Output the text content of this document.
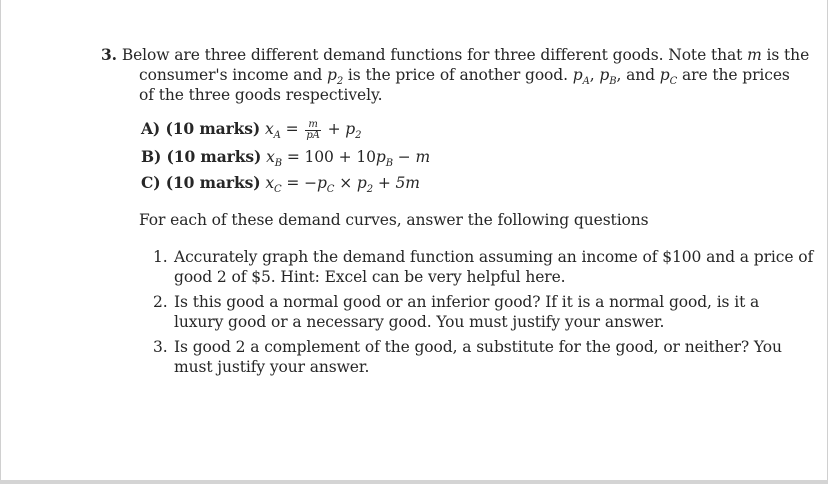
3. Below are three different demand functions for three different goods. Note that m is the
consumer's income and $p_2$ is the price of another good. $p_A$, $p_B$, and $p_C$ are the prices
of the three goods respectively.
A) (10 marks) $x_A = \frac{m}{pA} + p_2$
B) (10 marks) $x_B = 100 + 10p_B - m$
C) (10 marks) $x_C = -p_C \times p_2 + 5m$
For each of these demand curves, answer the following questions
1. Accurately graph the demand function assuming an income of $100 and a price of
good 2 of $5. Hint: Excel can be very helpful here.
2. Is this good a normal good or an inferior good? If it is a normal good, is it a
luxury good or a necessary good. You must justify your answer.
3. Is good 2 a complement of the good, a substitute for the good, or neither? You
must justify your answer.
